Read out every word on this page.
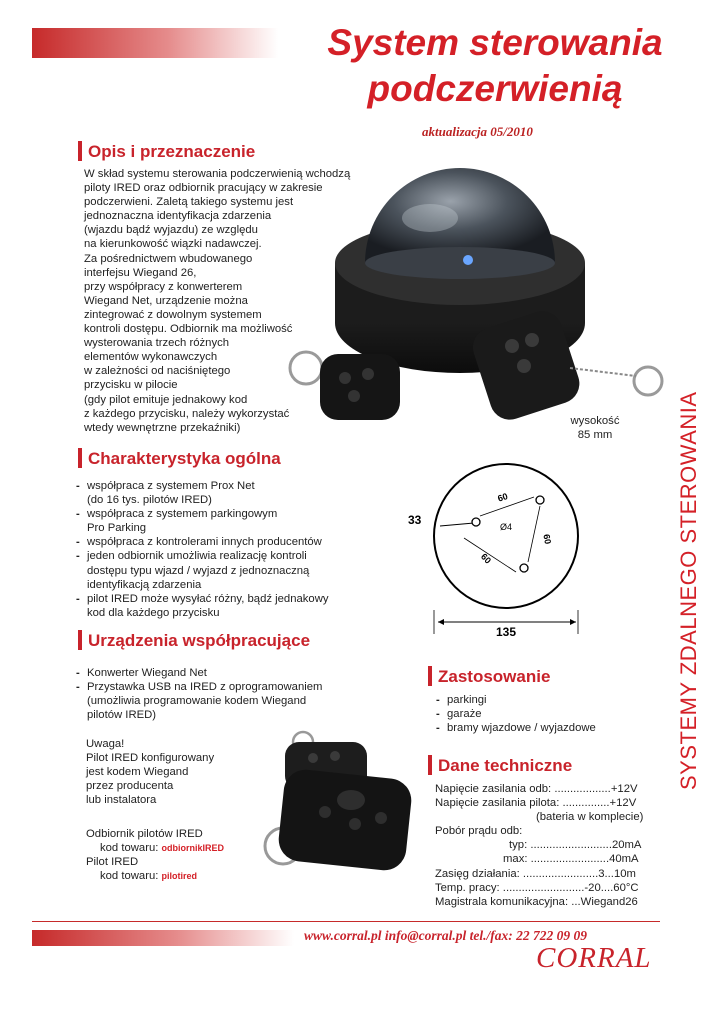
System sterowania
podczerwienią
aktualizacja 05/2010
SYSTEMY ZDALNEGO STEROWANIA
Opis i przeznaczenie
W skład systemu sterowania podczerwienią wchodzą
piloty IRED oraz odbiornik pracujący w zakresie
podczerwieni. Zaletą takiego systemu jest
jednoznaczna identyfikacja zdarzenia
(wjazdu bądź wyjazdu) ze względu
na kierunkowość wiązki nadawczej.
Za pośrednictwem wbudowanego
interfejsu Wiegand 26,
przy współpracy z konwerterem
Wiegand Net, urządzenie można
zintegrować z dowolnym systemem
kontroli dostępu. Odbiornik ma możliwość
wysterowania trzech różnych
elementów wykonawczych
w zależności od naciśniętego
przycisku w pilocie
(gdy pilot emituje jednakowy kod
z każdego przycisku, należy wykorzystać
wtedy wewnętrzne przekaźniki)
wysokość
85 mm
Charakterystyka ogólna
- współpraca z systemem Prox Net
(do 16 tys. pilotów IRED)
- współpraca z systemem parkingowym
Pro Parking
- współpraca z kontrolerami innych producentów
- jeden odbiornik umożliwia realizację kontroli
dostępu typu wjazd / wyjazd z jednoznaczną
identyfikacją zdarzenia
- pilot IRED może wysyłać różny, bądź jednakowy
kod dla każdego przycisku
33
135
60
60
60
Ø4
Urządzenia współpracujące
- Konwerter Wiegand Net
- Przystawka USB na IRED z oprogramowaniem
(umożliwia programowanie kodem Wiegand
pilotów IRED)
Uwaga!
Pilot IRED konfigurowany
jest kodem Wiegand
przez producenta
lub instalatora
Odbiornik pilotów IRED
kod towaru: odbiornikIRED
Pilot IRED
kod towaru: pilotired
Zastosowanie
- parkingi
- garaże
- bramy wjazdowe / wyjazdowe
Dane techniczne
Napięcie zasilania odb: ..................+12V
Napięcie zasilania pilota: ...............+12V
(bateria w komplecie)
Pobór prądu odb:
typ: ..........................20mA
max: .........................40mA
Zasięg działania: ........................3...10m
Temp. pracy: ..........................-20....60°C
Magistrala komunikacyjna: ...Wiegand26
www.corral.pl info@corral.pl tel./fax: 22 722 09 09
CORRAL
